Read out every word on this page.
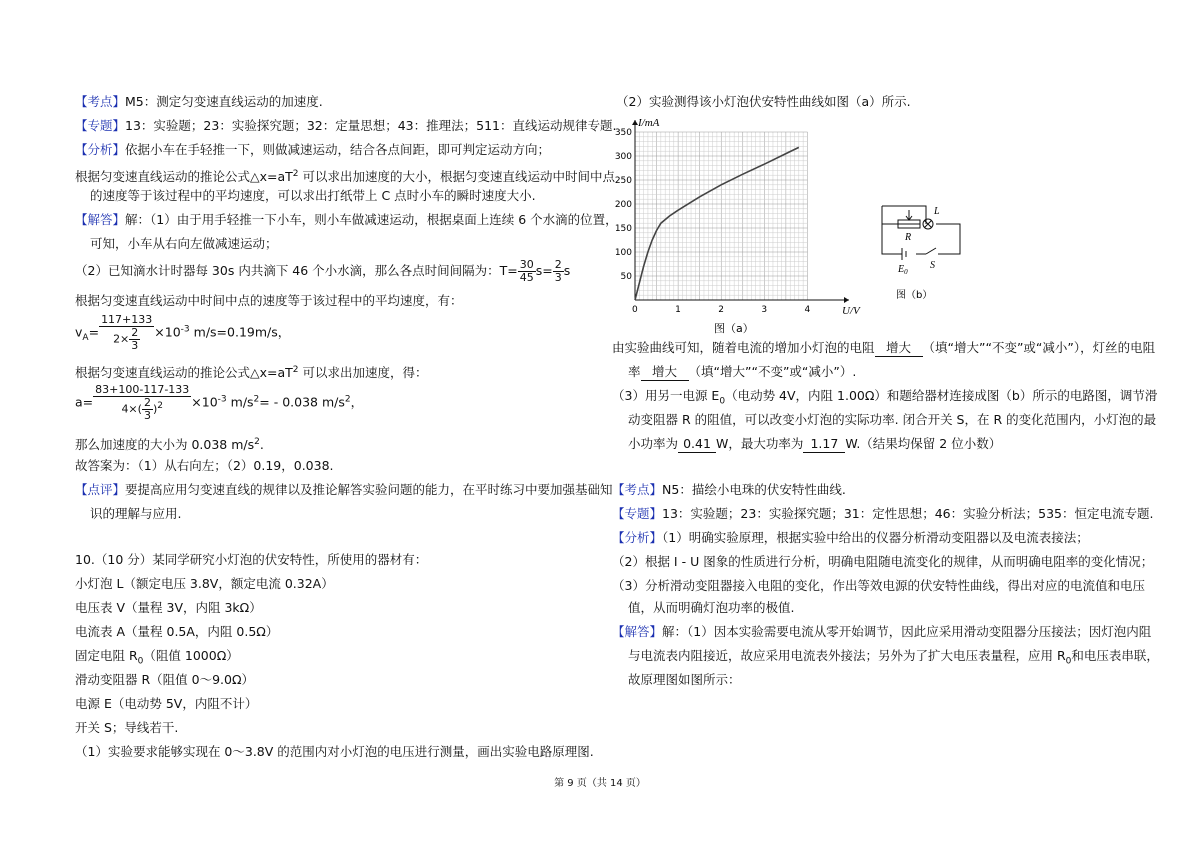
【考点】M5：测定匀变速直线运动的加速度.
【专题】13：实验题；23：实验探究题；32：定量思想；43：推理法；511：直线运动规律专题.
【分析】依据小车在手轻推一下，则做减速运动，结合各点间距，即可判定运动方向；
根据匀变速直线运动的推论公式$\triangle x=aT^2$ 可以求出加速度的大小，根据匀变速直线运动中时间中点
的速度等于该过程中的平均速度，可以求出打纸带上 C 点时小车的瞬时速度大小.
【解答】解：（1）由于用手轻推一下小车，则小车做减速运动，根据桌面上连续 6 个水滴的位置，
可知，小车从右向左做减速运动；
（2）已知滴水计时器每 30s 内共滴下 46 个小水滴，那么各点时间间隔为：$T= \frac{30}{45} s= \frac{2}{3}$ s
根据匀变速直线运动中时间中点的速度等于该过程中的平均速度，有：
$v_A= \frac{117+133}{2\times \frac{2}{3}} \times 10^{-3}$ m/s=0.19m/s，
根据匀变速直线运动的推论公式$\triangle x=aT^2$ 可以求出加速度，得：
$a= \frac{83+100-117-133}{4\times( \frac{2}{3} )^2} \times 10^{-3}$ $m/s^2= - 0.038$ $m/s^2$，
那么加速度的大小为 0.038 $m/s^2$.
故答案为：（1）从右向左；（2）0.19，0.038.
【点评】要提高应用匀变速直线的规律以及推论解答实验问题的能力，在平时练习中要加强基础知
识的理解与应用.
10.（10 分）某同学研究小灯泡的伏安特性，所使用的器材有：
小灯泡 L（额定电压 3.8V，额定电流 0.32A）
电压表 V（量程 3V，内阻 3kΩ）
电流表 A（量程 0.5A，内阻 0.5Ω）
固定电阻 $R_0$（阻值 1000Ω）
滑动变阻器 R（阻值 0～9.0Ω）
电源 E（电动势 5V，内阻不计）
开关 S；导线若干.
（1）实验要求能够实现在 0～3.8V 的范围内对小灯泡的电压进行测量，画出实验电路原理图.
（2）实验测得该小灯泡伏安特性曲线如图（a）所示.
0	1	2	3	4
50
100
150
200
250
300
350
I/mA
U/V
图（a）
L
R
$E_0$
S
图（b）
由实验曲线可知，随着电流的增加小灯泡的电阻 增大 （填“增大”“不变”或“减小”），灯丝的电阻
率 增大 （填“增大”“不变”或“减小”）.
（3）用另一电源 $E_0$（电动势 4V，内阻 1.00Ω）和题给器材连接成图（b）所示的电路图，调节滑
动变阻器 R 的阻值，可以改变小灯泡的实际功率. 闭合开关 S，在 R 的变化范围内，小灯泡的最
小功率为 0.41 W，最大功率为 1.17 W.（结果均保留 2 位小数）
【考点】N5：描绘小电珠的伏安特性曲线.
【专题】13：实验题；23：实验探究题；31：定性思想；46：实验分析法；535：恒定电流专题.
【分析】（1）明确实验原理，根据实验中给出的仪器分析滑动变阻器以及电流表接法；
（2）根据 I - U 图象的性质进行分析，明确电阻随电流变化的规律，从而明确电阻率的变化情况；
（3）分析滑动变阻器接入电阻的变化，作出等效电源的伏安特性曲线，得出对应的电流值和电压
值，从而明确灯泡功率的极值.
【解答】解：（1）因本实验需要电流从零开始调节，因此应采用滑动变阻器分压接法；因灯泡内阻
与电流表内阻接近，故应采用电流表外接法；另外为了扩大电压表量程，应用 $R_0$和电压表串联，
故原理图如图所示：
第 9 页（共 14 页）
